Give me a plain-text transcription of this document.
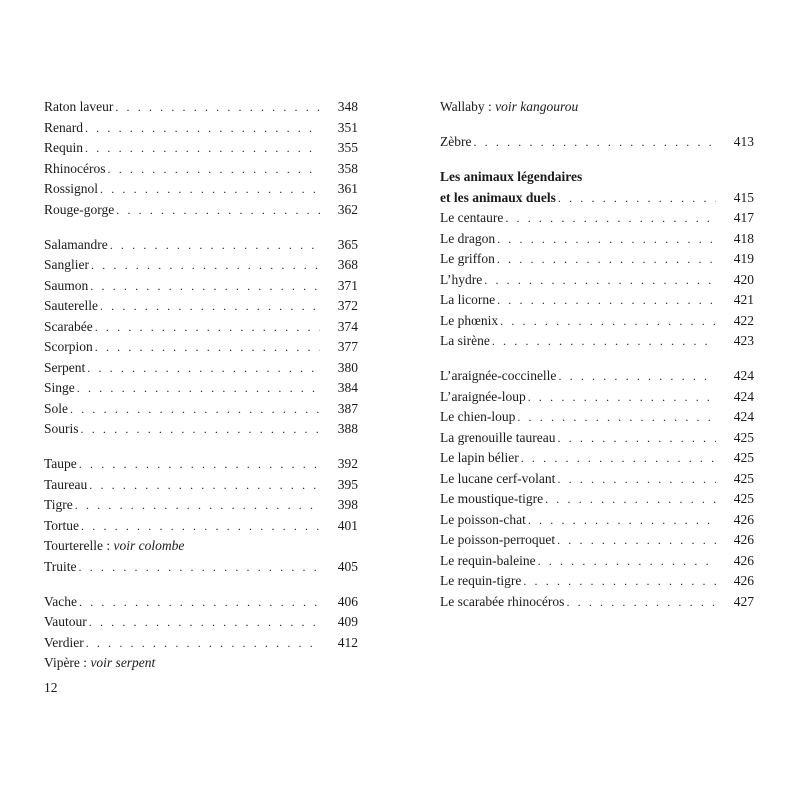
Raton laveur . . .	348
Renard . . .	351
Requin . . .	355
Rhinocéros . . .	358
Rossignol . . .	361
Rouge-gorge . . .	362
Salamandre . . .	365
Sanglier . . .	368
Saumon . . .	371
Sauterelle . . .	372
Scarabée . . .	374
Scorpion . . .	377
Serpent . . .	380
Singe . . .	384
Sole . . .	387
Souris . . .	388
Taupe . . .	392
Taureau . . .	395
Tigre . . .	398
Tortue . . .	401
Tourterelle : voir colombe
Truite . . .	405
Vache . . .	406
Vautour . . .	409
Verdier . . .	412
Vipère : voir serpent
Wallaby : voir kangourou
Zèbre . . .	413
Les animaux légendaires
et les animaux duels . . .	415
Le centaure . . .	417
Le dragon . . .	418
Le griffon . . .	419
L’hydre . . .	420
La licorne . . .	421
Le phœnix . . .	422
La sirène . . .	423
L’araignée-coccinelle . . .	424
L’araignée-loup . . .	424
Le chien-loup . . .	424
La grenouille taureau . . .	425
Le lapin bélier . . .	425
Le lucane cerf-volant . . .	425
Le moustique-tigre . . .	425
Le poisson-chat . . .	426
Le poisson-perroquet . . .	426
Le requin-baleine . . .	426
Le requin-tigre . . .	426
Le scarabée rhinocéros . . .	427
12
